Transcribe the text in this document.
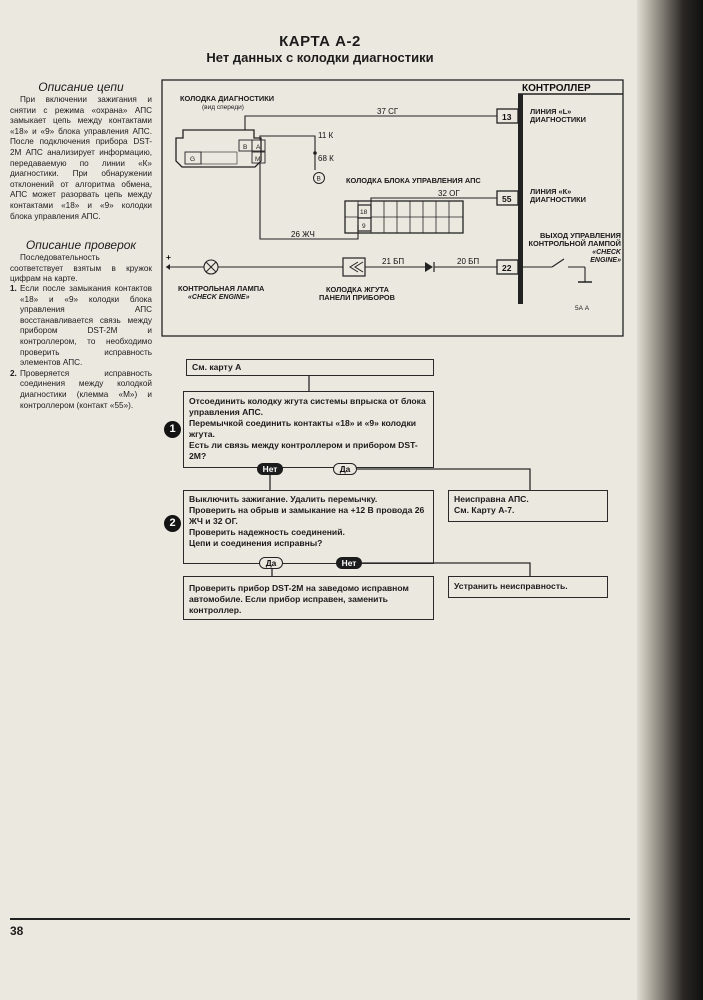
КАРТА А-2
Нет данных с колодки диагностики
Описание цепи

При включении зажигания и снятии с режима «охрана» АПС замыкает цепь между контактами «18» и «9» блока управления АПС. После подключения прибора DST-2M АПС анализирует информацию, передаваемую по линии «К» диагностики. При обнаружении отклонений от алгоритма обмена, АПС может разорвать цепь между контактами «18» и «9» колодки блока управления АПС.

Описание проверок

Последовательность соответствует взятым в кружок цифрам на карте.

1. Если после замыкания контактов «18» и «9» колодки блока управления АПС восстанавливается связь между прибором DST-2M и контроллером, то необходимо проверить исправность элементов АПС.
2. Проверяется исправность соединения между колодкой диагностики (клемма «М») и контроллером (контакт «55»).
КОНТРОЛЛЕР
13
55
22
ЛИНИЯ «L»
ДИАГНОСТИКИ
ЛИНИЯ «К»
ДИАГНОСТИКИ
ВЫХОД УПРАВЛЕНИЯ
КОНТРОЛЬНОЙ ЛАМПОЙ
«CHECK
ENGINE»
5А А
КОЛОДКА ДИАГНОСТИКИ
(вид спереди)
G
B A
M
37 СГ
11 К
68 К
B	КОЛОДКА БЛОКА УПРАВЛЕНИЯ АПС
18
9
32 ОГ
26 ЖЧ
+	21 БП	20 БП
КОНТРОЛЬНАЯ ЛАМПА
«CHECK ENGINE»
КОЛОДКА ЖГУТА
ПАНЕЛИ ПРИБОРОВ
См. карту А
Отсоединить колодку жгута системы впрыска от блока управления АПС.
Перемычкой соединить контакты «18» и «9» колодки жгута.
Есть ли связь между контроллером и прибором DST-2M?
1
Нет	Да
Неисправна АПС.
См. Карту А-7.
Выключить зажигание. Удалить перемычку.
Проверить на обрыв и замыкание на +12 В провода 26 ЖЧ и 32 ОГ.
Проверить надежность соединений.
Цепи и соединения исправны?
2
Да	Нет
Проверить прибор DST-2M на заведомо исправном автомобиле. Если прибор исправен, заменить контроллер.
Устранить неисправность.
38
